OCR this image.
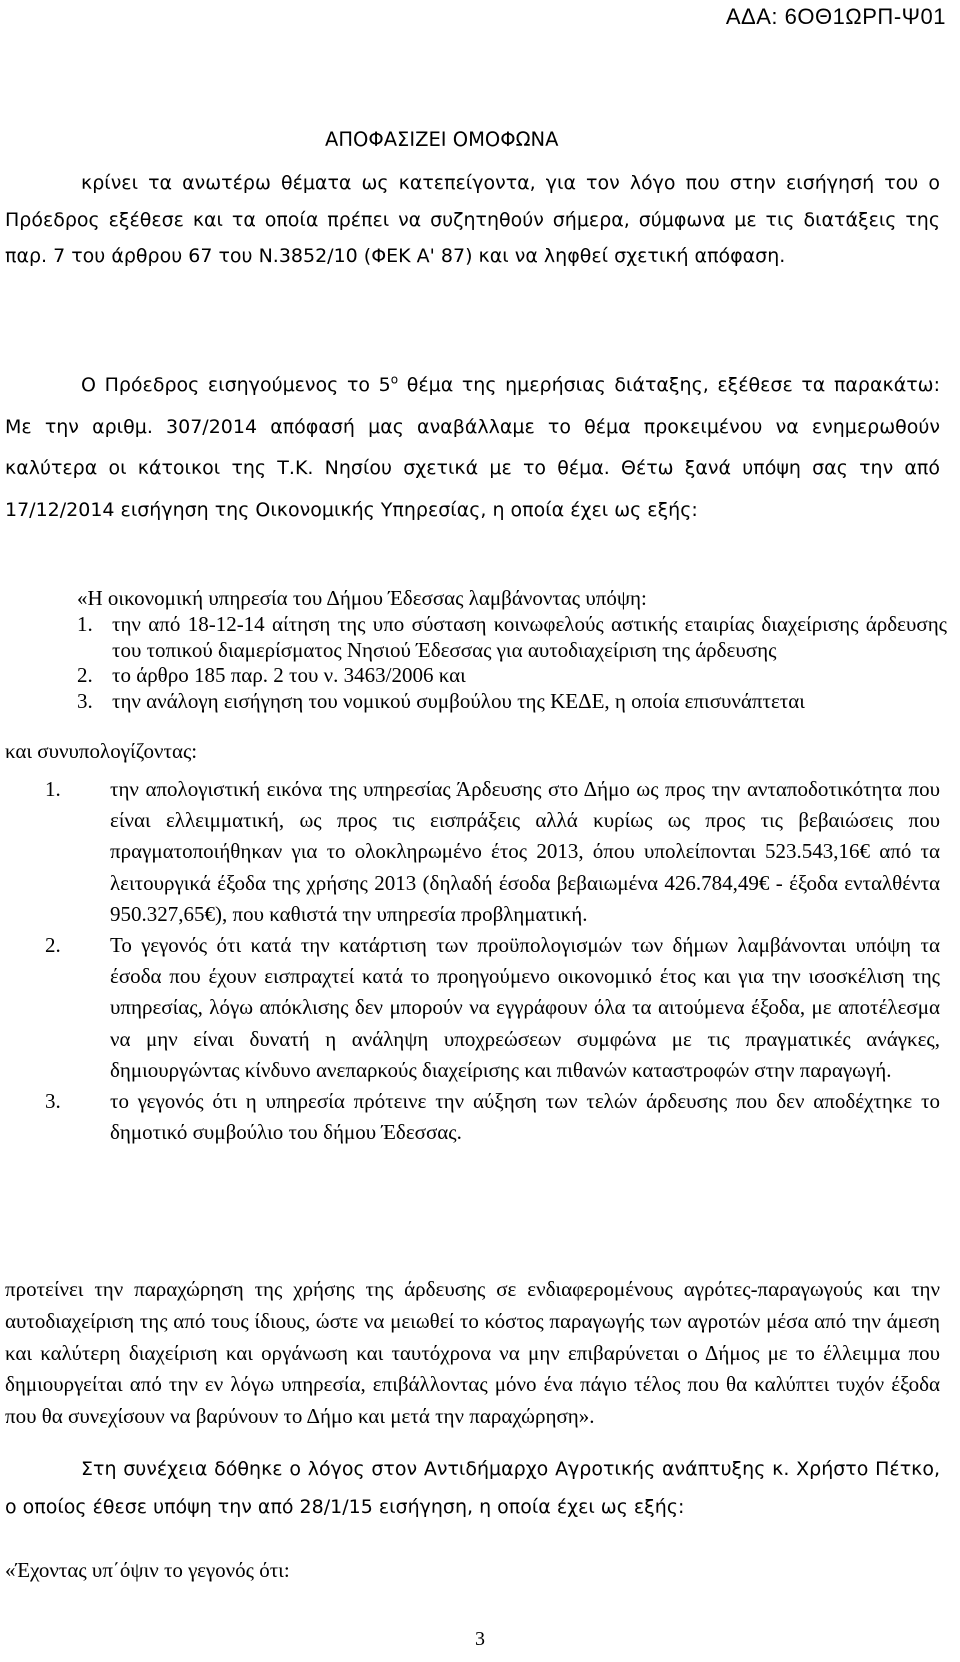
ΑΔΑ: 6ΟΘ1ΩΡΠ-Ψ01

ΑΠΟΦΑΣΙΖΕΙ ΟΜΟΦΩΝΑ

κρίνει τα ανωτέρω θέματα ως κατεπείγοντα, για τον λόγο που στην εισήγησή του ο Πρόεδρος εξέθεσε και τα οποία πρέπει να συζητηθούν σήμερα, σύμφωνα με τις διατάξεις της παρ. 7 του άρθρου 67 του Ν.3852/10 (ΦΕΚ Α' 87) και να ληφθεί σχετική απόφαση.

Ο Πρόεδρος εισηγούμενος το $5^o$ θέμα της ημερήσιας διάταξης, εξέθεσε τα παρακάτω: Με την αριθμ. 307/2014 απόφασή μας αναβάλλαμε το θέμα προκειμένου να ενημερωθούν καλύτερα οι κάτοικοι της Τ.Κ. Νησίου σχετικά με το θέμα. Θέτω ξανά υπόψη σας την από 17/12/2014 εισήγηση της Οικονομικής Υπηρεσίας, η οποία έχει ως εξής:

«Η οικονομική υπηρεσία του Δήμου Έδεσσας λαμβάνοντας υπόψη:

1. την από 18-12-14 αίτηση της υπο σύσταση κοινωφελούς αστικής εταιρίας διαχείρισης άρδευσης του τοπικού διαμερίσματος Νησιού Έδεσσας για αυτοδιαχείριση της άρδευσης
2. το άρθρο 185 παρ. 2 του ν. 3463/2006 και
3. την ανάλογη εισήγηση του νομικού συμβούλου της ΚΕΔΕ, η οποία επισυνάπτεται

και συνυπολογίζοντας:

1. την απολογιστική εικόνα της υπηρεσίας Άρδευσης στο Δήμο ως προς την ανταποδοτικότητα που είναι ελλειμματική, ως προς τις εισπράξεις αλλά κυρίως ως προς τις βεβαιώσεις που πραγματοποιήθηκαν για το ολοκληρωμένο έτος 2013, όπου υπολείπονται 523.543,16€ από τα λειτουργικά έξοδα της χρήσης 2013 (δηλαδή έσοδα βεβαιωμένα 426.784,49€ - έξοδα ενταλθέντα 950.327,65€), που καθιστά την υπηρεσία προβληματική.
2. Το γεγονός ότι κατά την κατάρτιση των προϋπολογισμών των δήμων λαμβάνονται υπόψη τα έσοδα που έχουν εισπραχτεί κατά το προηγούμενο οικονομικό έτος και για την ισοσκέλιση της υπηρεσίας, λόγω απόκλισης δεν μπορούν να εγγράφουν όλα τα αιτούμενα έξοδα, με αποτέλεσμα να μην είναι δυνατή η ανάληψη υποχρεώσεων συμφώνα με τις πραγματικές ανάγκες, δημιουργώντας κίνδυνο ανεπαρκούς διαχείρισης και πιθανών καταστροφών στην παραγωγή.
3. το γεγονός ότι η υπηρεσία πρότεινε την αύξηση των τελών άρδευσης που δεν αποδέχτηκε το δημοτικό συμβούλιο του δήμου Έδεσσας.

προτείνει την παραχώρηση της χρήσης της άρδευσης σε ενδιαφερομένους αγρότες-παραγωγούς και την αυτοδιαχείριση της από τους ίδιους, ώστε να μειωθεί το κόστος παραγωγής των αγροτών μέσα από την άμεση και καλύτερη διαχείριση και οργάνωση και ταυτόχρονα να μην επιβαρύνεται ο Δήμος με το έλλειμμα που δημιουργείται από την εν λόγω υπηρεσία, επιβάλλοντας μόνο ένα πάγιο τέλος που θα καλύπτει τυχόν έξοδα που θα συνεχίσουν να βαρύνουν το Δήμο και μετά την παραχώρηση».

Στη συνέχεια δόθηκε ο λόγος στον Αντιδήμαρχο Αγροτικής ανάπτυξης κ. Χρήστο Πέτκο, ο οποίος έθεσε υπόψη την από 28/1/15 εισήγηση, η οποία έχει ως εξής:

«Έχοντας υπ΄όψιν το γεγονός ότι:

3
